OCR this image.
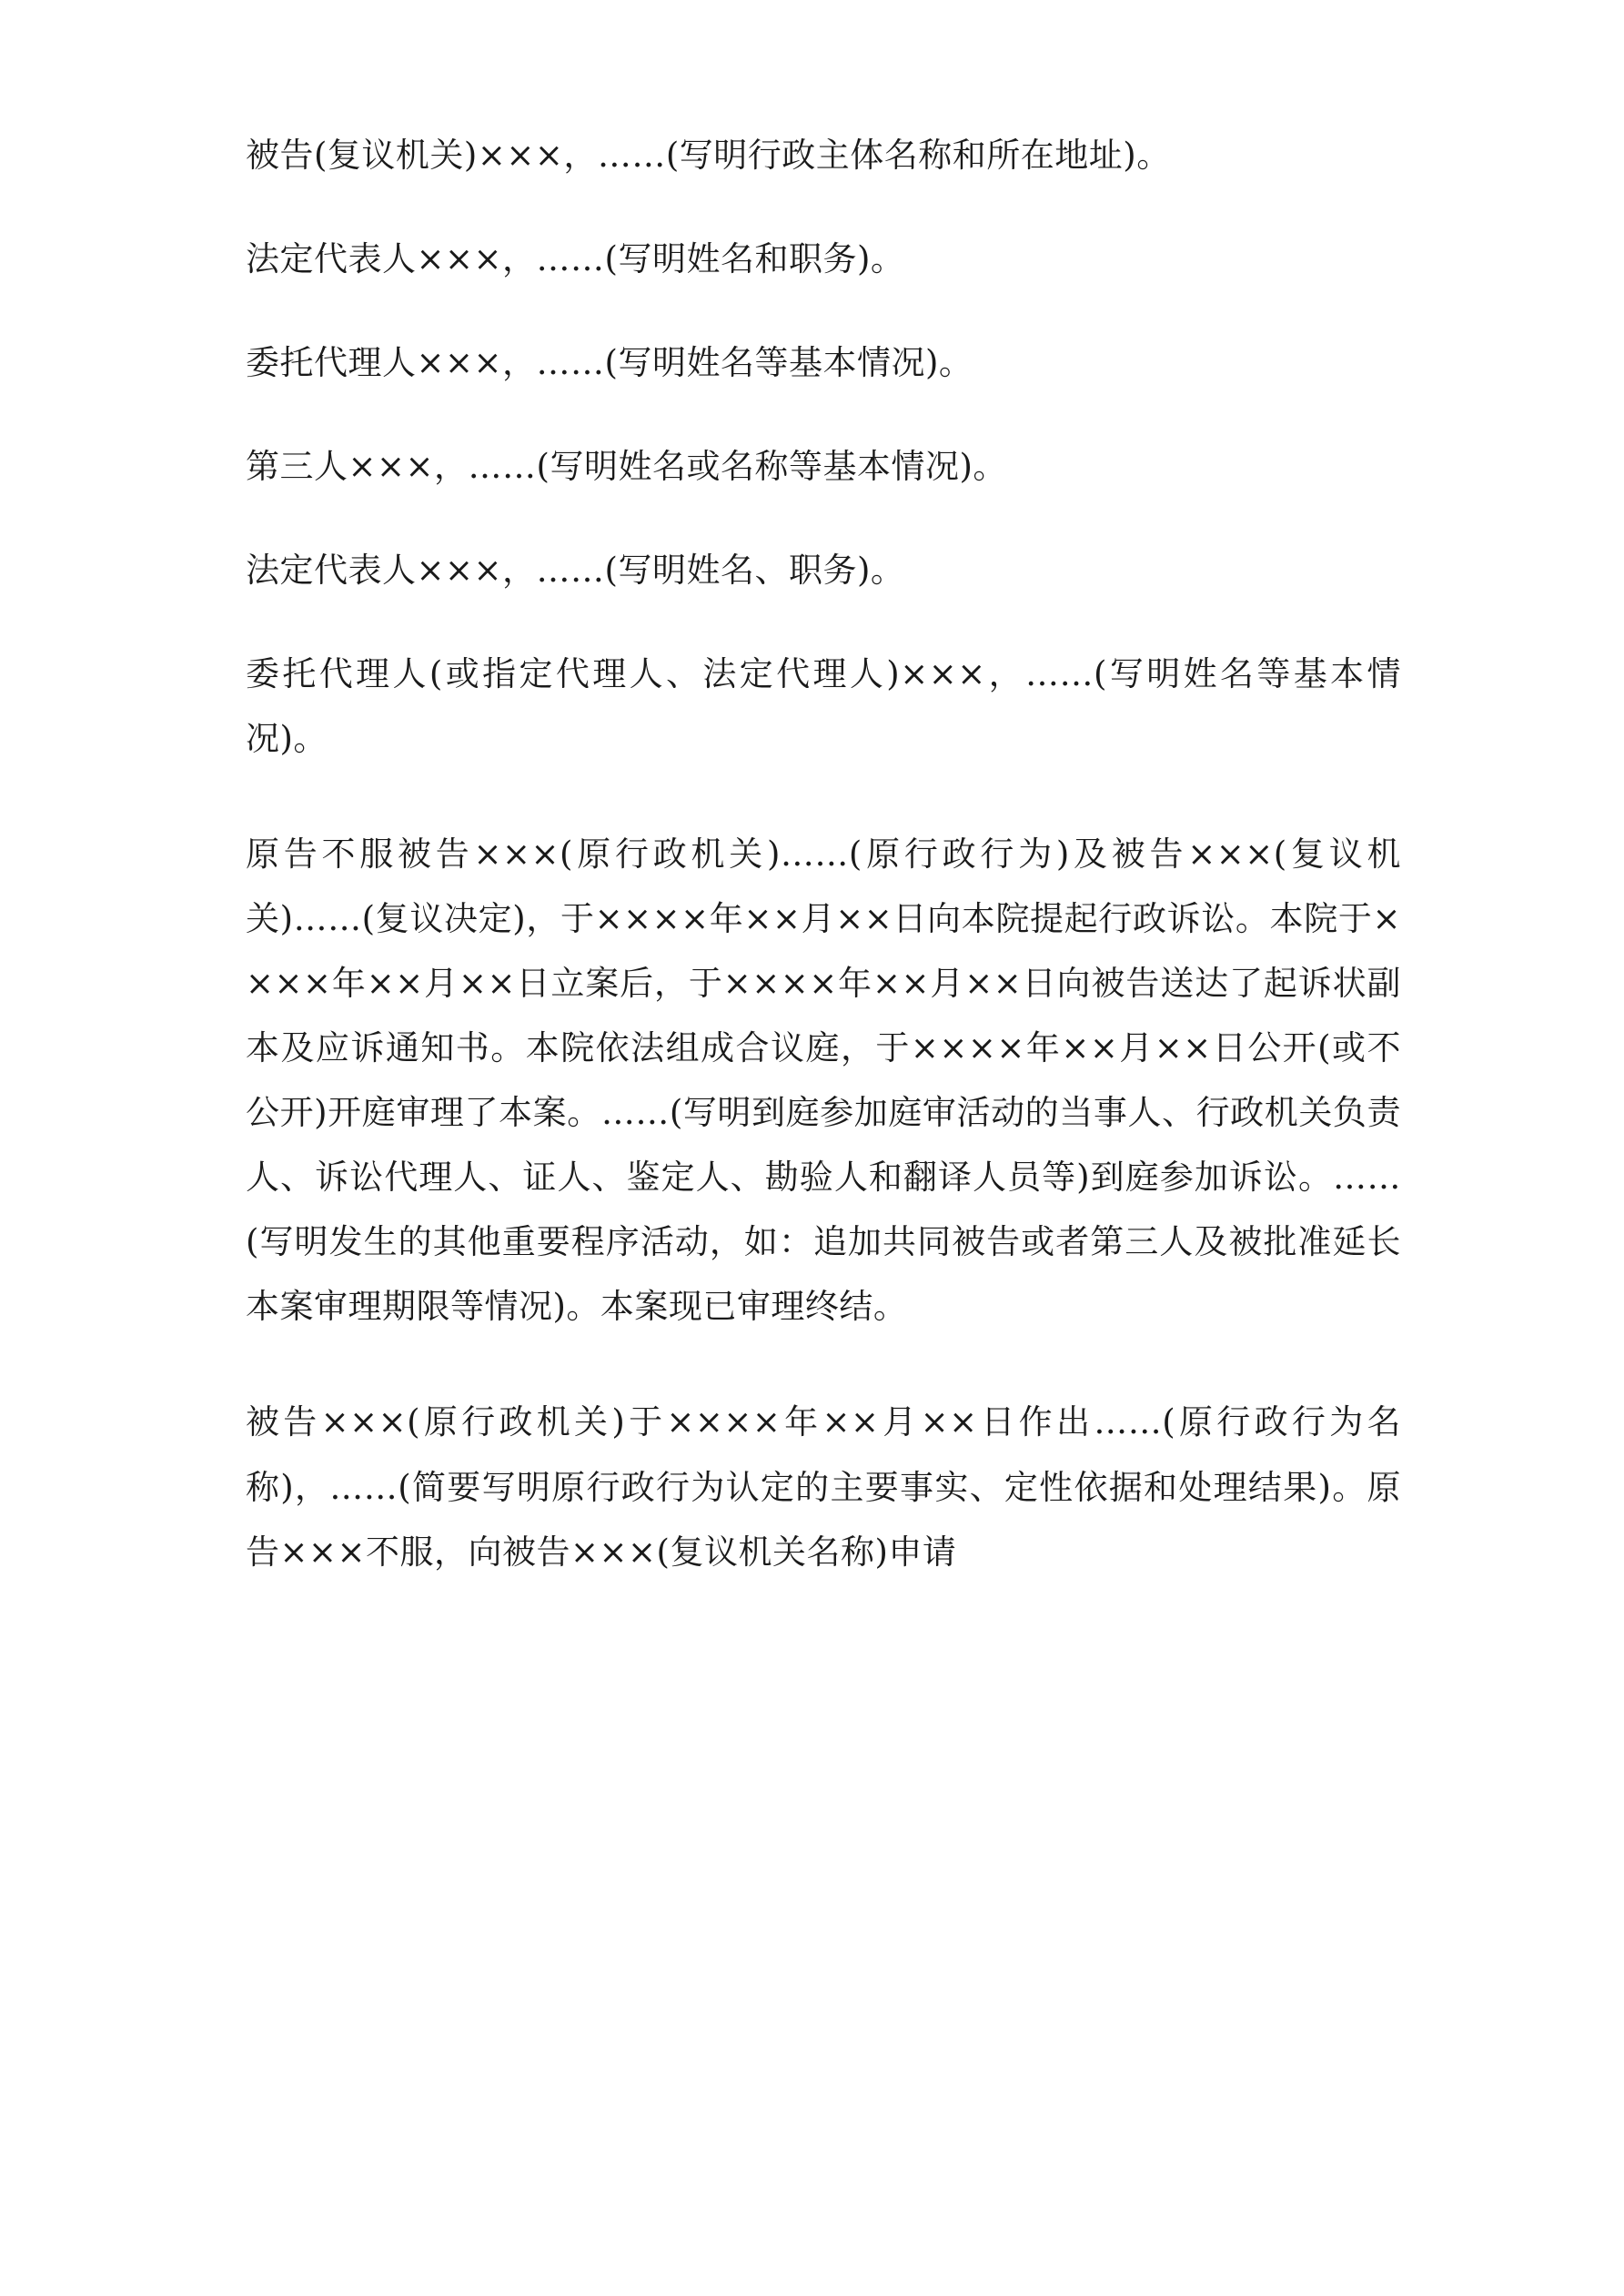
被告(复议机关)×××，……(写明行政主体名称和所在地址)。

法定代表人×××，……(写明姓名和职务)。

委托代理人×××，……(写明姓名等基本情况)。

第三人×××，……(写明姓名或名称等基本情况)。

法定代表人×××，……(写明姓名、职务)。

委托代理人(或指定代理人、法定代理人)×××，……(写明姓名等基本情况)。

原告不服被告×××(原行政机关)……(原行政行为)及被告×××(复议机关)……(复议决定)，于××××年××月××日向本院提起行政诉讼。本院于××××年××月××日立案后，于××××年××月××日向被告送达了起诉状副本及应诉通知书。本院依法组成合议庭，于××××年××月××日公开(或不公开)开庭审理了本案。……(写明到庭参加庭审活动的当事人、行政机关负责人、诉讼代理人、证人、鉴定人、勘验人和翻译人员等)到庭参加诉讼。……(写明发生的其他重要程序活动，如：追加共同被告或者第三人及被批准延长本案审理期限等情况)。本案现已审理终结。

被告×××(原行政机关)于××××年××月××日作出……(原行政行为名称)，……(简要写明原行政行为认定的主要事实、定性依据和处理结果)。原告×××不服，向被告×××(复议机关名称)申请
